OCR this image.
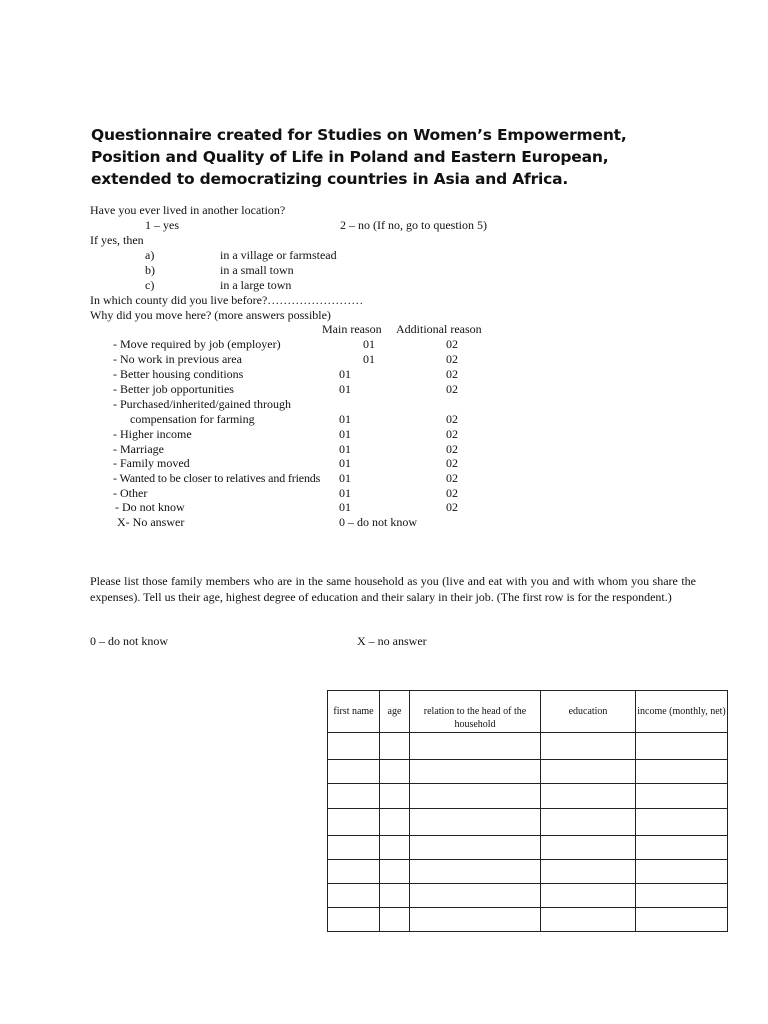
Questionnaire created for Studies on Women’s Empowerment, Position and Quality of Life in Poland and Eastern European, extended to democratizing countries in Asia and Africa.
Have you ever lived in another location?
1 – yes	2 – no (If no, go to question 5)
If yes, then
a)	in a village or farmstead
b)	in a small town
c)	in a large town
In which county did you live before?……………………
Why did you move here? (more answers possible)
Main reason Additional reason
- Move required by job (employer)	01	02
- No work in previous area	01	02
- Better housing conditions	01	02
- Better job opportunities	01	02
- Purchased/inherited/gained through
compensation for farming	01	02
- Higher income	01	02
- Marriage	01	02
- Family moved	01	02
- Wanted to be closer to relatives and friends 01	02
- Other	01	02
- Do not know	01	02
X- No answer	0 – do not know
Please list those family members who are in the same household as you (live and eat with you and with whom you share the expenses). Tell us their age, highest degree of education and their salary in their job. (The first row is for the respondent.)
0 – do not know	X – no answer
first name	age	relation to the head of the household	education	income (monthly, net)
